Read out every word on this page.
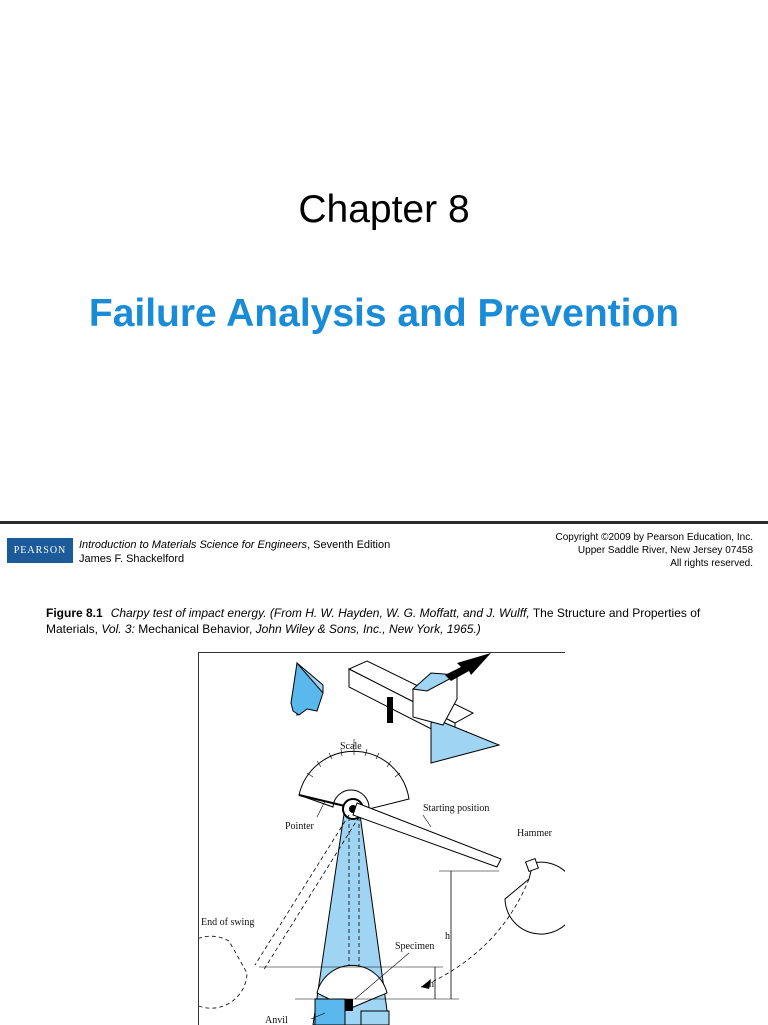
Chapter 8
Failure Analysis and Prevention
PEARSON Introduction to Materials Science for Engineers, Seventh Edition
James F. Shackelford
Copyright ©2009 by Pearson Education, Inc.
Upper Saddle River, New Jersey 07458
All rights reserved.
Figure 8.1 Charpy test of impact energy. (From H. W. Hayden, W. G. Moffatt, and J. Wulff, The Structure and Properties of Materials, Vol. 3: Mechanical Behavior, John Wiley & Sons, Inc., New York, 1965.)
Scale
Starting position
Pointer
Hammer
End of swing
Specimen
h
h'
Anvil
